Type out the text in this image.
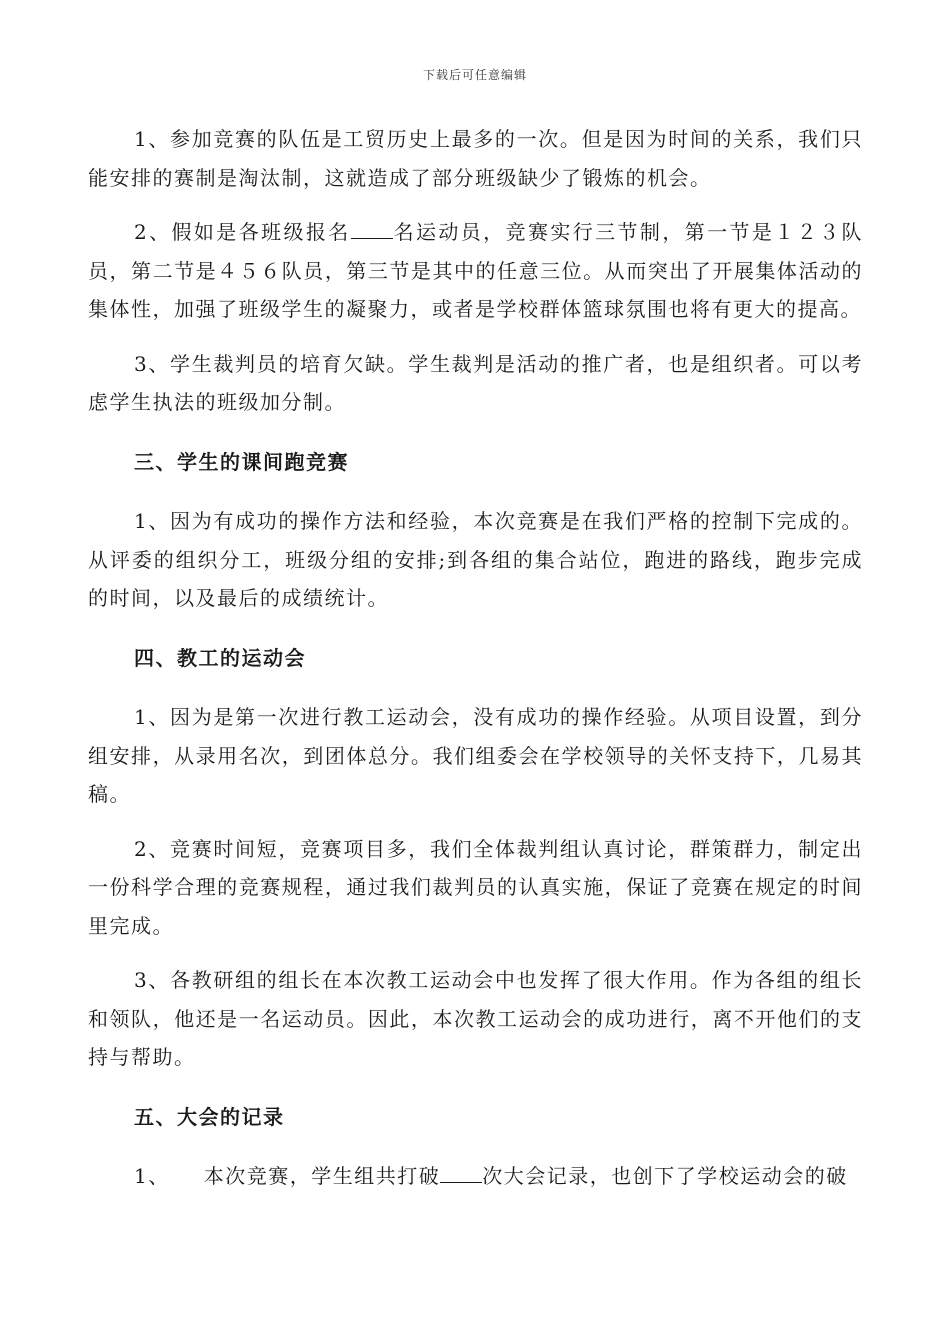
下载后可任意编辑

1、参加竞赛的队伍是工贸历史上最多的一次。但是因为时间的关系，我们只能安排的赛制是淘汰制，这就造成了部分班级缺少了锻炼的机会。

2、假如是各班级报名 名运动员，竞赛实行三节制，第一节是１２３队员，第二节是４５６队员，第三节是其中的任意三位。从而突出了开展集体活动的集体性，加强了班级学生的凝聚力，或者是学校群体篮球氛围也将有更大的提高。

3、学生裁判员的培育欠缺。学生裁判是活动的推广者，也是组织者。可以考虑学生执法的班级加分制。

三、学生的课间跑竞赛

1、因为有成功的操作方法和经验，本次竞赛是在我们严格的控制下完成的。从评委的组织分工，班级分组的安排;到各组的集合站位，跑进的路线，跑步完成的时间，以及最后的成绩统计。

四、教工的运动会

1、因为是第一次进行教工运动会，没有成功的操作经验。从项目设置，到分组安排，从录用名次，到团体总分。我们组委会在学校领导的关怀支持下，几易其稿。

2、竞赛时间短，竞赛项目多，我们全体裁判组认真讨论，群策群力，制定出一份科学合理的竞赛规程，通过我们裁判员的认真实施，保证了竞赛在规定的时间里完成。

3、各教研组的组长在本次教工运动会中也发挥了很大作用。作为各组的组长和领队，他还是一名运动员。因此，本次教工运动会的成功进行，离不开他们的支持与帮助。

五、大会的记录

1、 本次竞赛，学生组共打破 次大会记录，也创下了学校运动会的破
